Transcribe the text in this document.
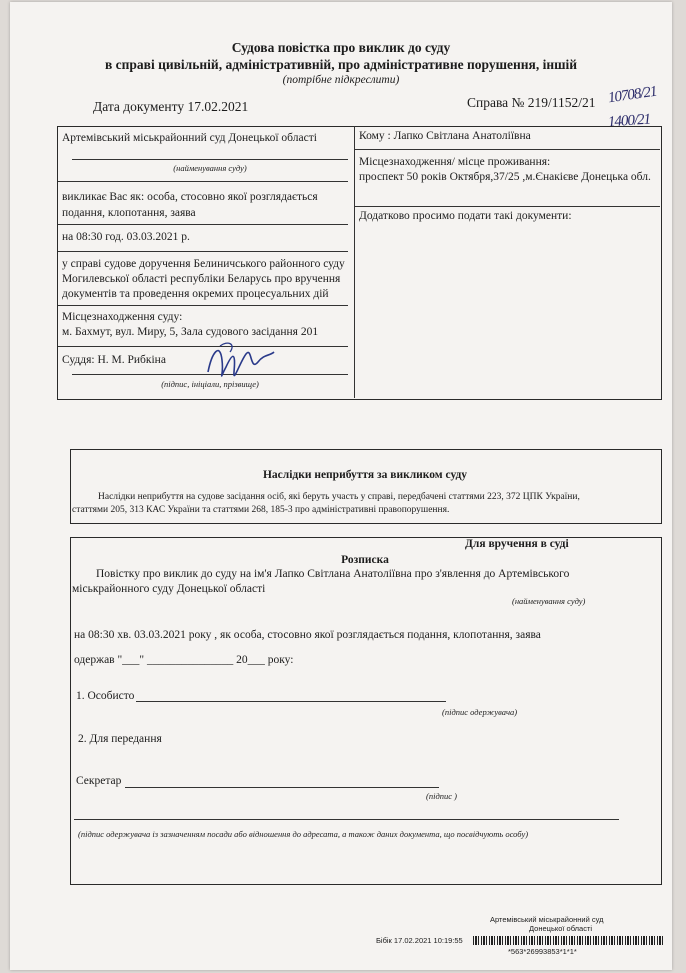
Судова повістка про виклик до суду
в справі цивільній, адміністративній, про адміністративне порушення, іншій
(потрібне підкреслити)
Дата документу 17.02.2021	Справа № 219/1152/21 10708/21
1400/21
Артемівський міськрайонний суд Донецької області
(найменування суду)
викликає Вас як: особа, стосовно якої розглядається подання, клопотання, заява
на 08:30 год. 03.03.2021 р.
у справі судове доручення Белиничського районного суду Могилевської області республіки Беларусь про вручення документів та проведення окремих процесуальних дій
Місцезнаходження суду:
м. Бахмут, вул. Миру, 5, Зала судового засідання 201
Суддя: Н. М. Рибкіна
(підпис, ініціали, прізвище)
Кому : Лапко Світлана Анатоліївна
Місцезнаходження/ місце проживання:
проспект 50 років Октября,37/25 ,м.Єнакієве Донецька обл.
Додатково просимо подати такі документи:
Наслідки неприбуття за викликом суду
Наслідки неприбуття на судове засідання осіб, які беруть участь у справі, передбачені статтями 223, 372 ЦПК України,
статтями 205, 313 КАС України та статтями 268, 185-3 про адміністративні правопорушення.
Для вручення в суді
Розписка
Повістку про виклик до суду на ім'я Лапко Світлана Анатоліївна про з'явлення до Артемівського
міськрайонного суду Донецької області
(найменування суду)
на 08:30 хв. 03.03.2021 року , як особа, стосовно якої розглядається подання, клопотання, заява
одержав "___" _______________ 20___ року:
1. Особисто
(підпис одержувача)
2. Для передання
Секретар
(підпис )
(підпис одержувача із зазначенням посади або відношення до адресата, а також даних документа, що посвідчують особу)
Артемівський міськрайонний суд
Донецької області
Бібік 17.02.2021 10:19:55
*563*26993853*1*1*
